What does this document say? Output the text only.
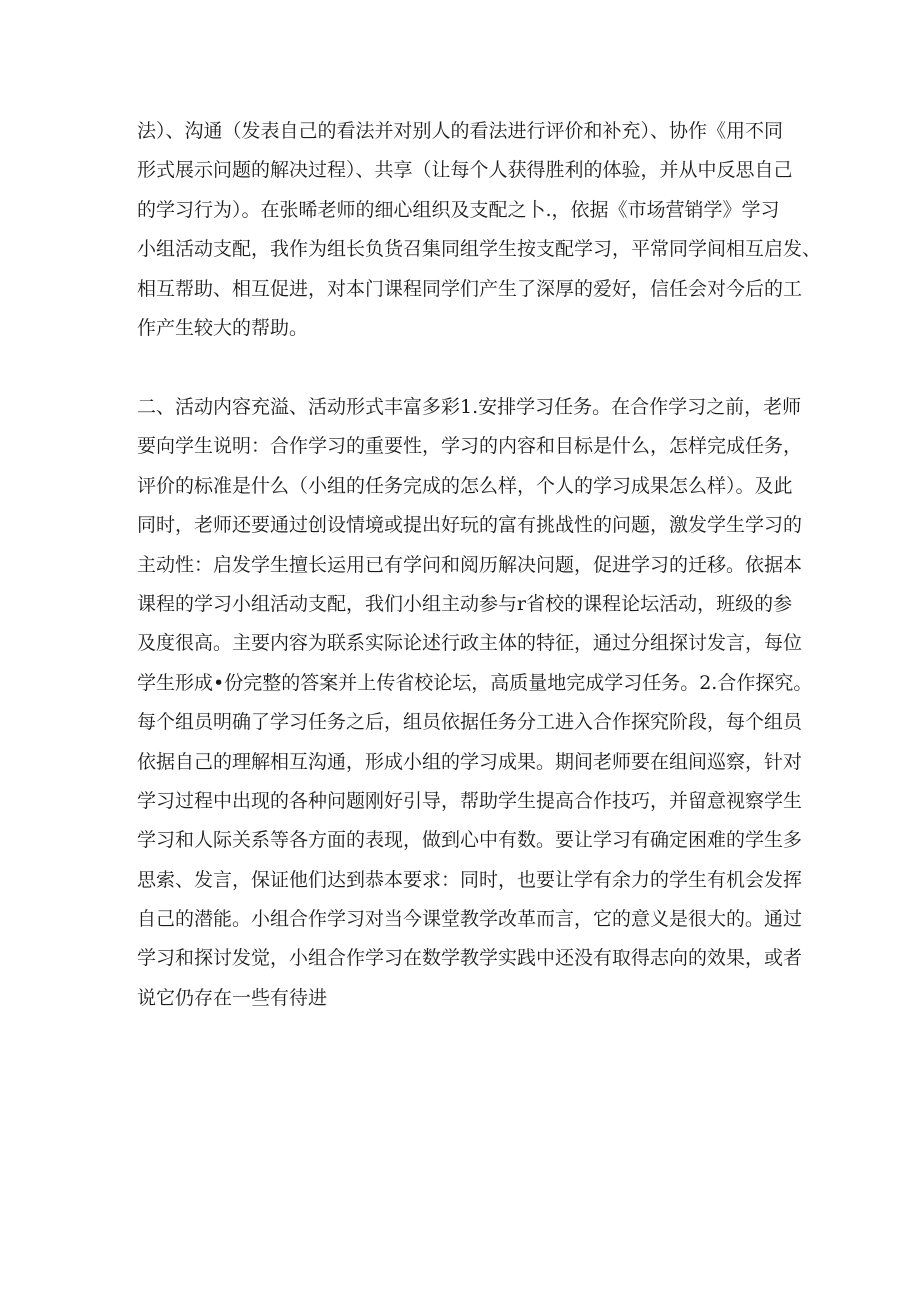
法）、沟通（发表自己的看法并对别人的看法进行评价和补充）、协作《用不同
形式展示问题的解决过程）、共享（让每个人获得胜利的体验，并从中反思自己
的学习行为）。在张晞老师的细心组织及支配之卜.，依据《市场营销学》学习
小组活动支配，我作为组长负货召集同组学生按支配学习，平常同学间相互启发、
相互帮助、相互促进，对本门课程同学们产生了深厚的爱好，信任会对今后的工
作产生较大的帮助。
二、活动内容充溢、活动形式丰富多彩1.安排学习任务。在合作学习之前，老师
要向学生说明：合作学习的重要性，学习的内容和目标是什么，怎样完成任务，
评价的标准是什么（小组的任务完成的怎么样，个人的学习成果怎么样）。及此
同时，老师还要通过创设情境或提出好玩的富有挑战性的问题，激发学生学习的
主动性：启发学生擅长运用已有学问和阅历解决问题，促进学习的迁移。依据本
课程的学习小组活动支配，我们小组主动参与r省校的课程论坛活动，班级的参
及度很高。主要内容为联系实际论述行政主体的特征，通过分组探讨发言，每位
学生形成•份完整的答案并上传省校论坛，高质量地完成学习任务。2.合作探究。
每个组员明确了学习任务之后，组员依据任务分工进入合作探究阶段，每个组员
依据自己的理解相互沟通，形成小组的学习成果。期间老师要在组间巡察，针对
学习过程中出现的各种问题刚好引导，帮助学生提高合作技巧，并留意视察学生
学习和人际关系等各方面的表现，做到心中有数。要让学习有确定困难的学生多
思索、发言，保证他们达到恭本要求：同时，也要让学有余力的学生有机会发挥
自己的潜能。小组合作学习对当今课堂教学改革而言，它的意义是很大的。通过
学习和探讨发觉，小组合作学习在数学教学实践中还没有取得志向的效果，或者
说它仍存在一些有待进
